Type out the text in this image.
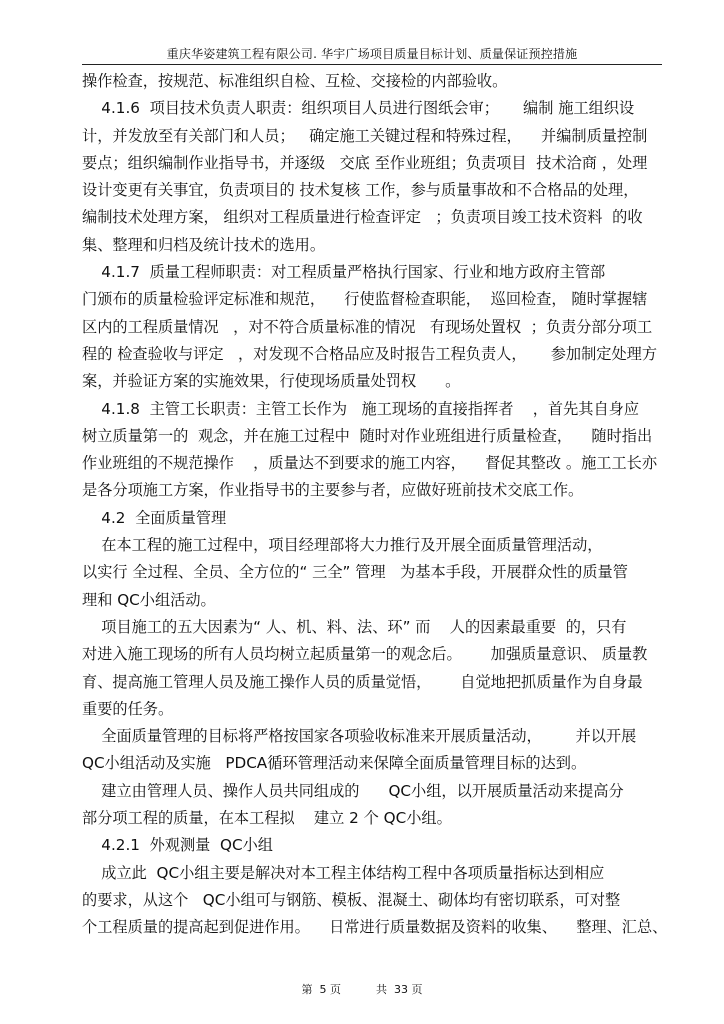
重庆华姿建筑工程有限公司. 华宇广场项目质量目标计划、质量保证预控措施
操作检查，按规范、标准组织自检、互检、交接检的内部验收。
4.1.6  项目技术负责人职责：组织项目人员进行图纸会审；     编制 施工组织设
计，并发放至有关部门和人员；   确定施工关键过程和特殊过程，    并编制质量控制
要点；组织编制作业指导书，并逐级   交底 至作业班组；负责项目  技术洽商 ，处理
设计变更有关事宜，负责项目的 技术复核 工作，参与质量事故和不合格品的处理，
编制技术处理方案， 组织对工程质量进行检查评定   ；负责项目竣工技术资料  的收
集、整理和归档及统计技术的选用。
4.1.7  质量工程师职责：对工程质量严格执行国家、行业和地方政府主管部
门颁布的质量检验评定标准和规范，    行使监督检查职能，  巡回检查， 随时掌握辖
区内的工程质量情况   ，对不符合质量标准的情况   有现场处置权  ；负责分部分项工
程的 检查验收与评定   ，对发现不合格品应及时报告工程负责人，     参加制定处理方
案，并验证方案的实施效果，行使现场质量处罚权      。
4.1.8  主管工长职责：主管工长作为   施工现场的直接指挥者    ，首先其自身应
树立质量第一的  观念，并在施工过程中  随时对作业班组进行质量检查，    随时指出
作业班组的不规范操作    ，质量达不到要求的施工内容，    督促其整改 。施工工长亦
是各分项施工方案，作业指导书的主要参与者，应做好班前技术交底工作。
4.2  全面质量管理
在本工程的施工过程中，项目经理部将大力推行及开展全面质量管理活动，
以实行 全过程、全员、全方位的“ 三全” 管理   为基本手段，开展群众性的质量管
理和 QC小组活动。
项目施工的五大因素为“ 人、机、料、法、环” 而    人的因素最重要  的，只有
对进入施工现场的所有人员均树立起质量第一的观念后。      加强质量意识、 质量教
育、提高施工管理人员及施工操作人员的质量觉悟，      自觉地把抓质量作为自身最
重要的任务。
全面质量管理的目标将严格按国家各项验收标准来开展质量活动，       并以开展
QC小组活动及实施   PDCA循环管理活动来保障全面质量管理目标的达到。
建立由管理人员、操作人员共同组成的      QC小组，以开展质量活动来提高分
部分项工程的质量，在本工程拟    建立 2 个 QC小组。
4.2.1  外观测量  QC小组
成立此  QC小组主要是解决对本工程主体结构工程中各项质量指标达到相应
的要求，从这个   QC小组可与钢筋、模板、混凝土、砌体均有密切联系，可对整
个工程质量的提高起到促进作用。    日常进行质量数据及资料的收集、    整理、汇总、
第  5 页          共  33 页
